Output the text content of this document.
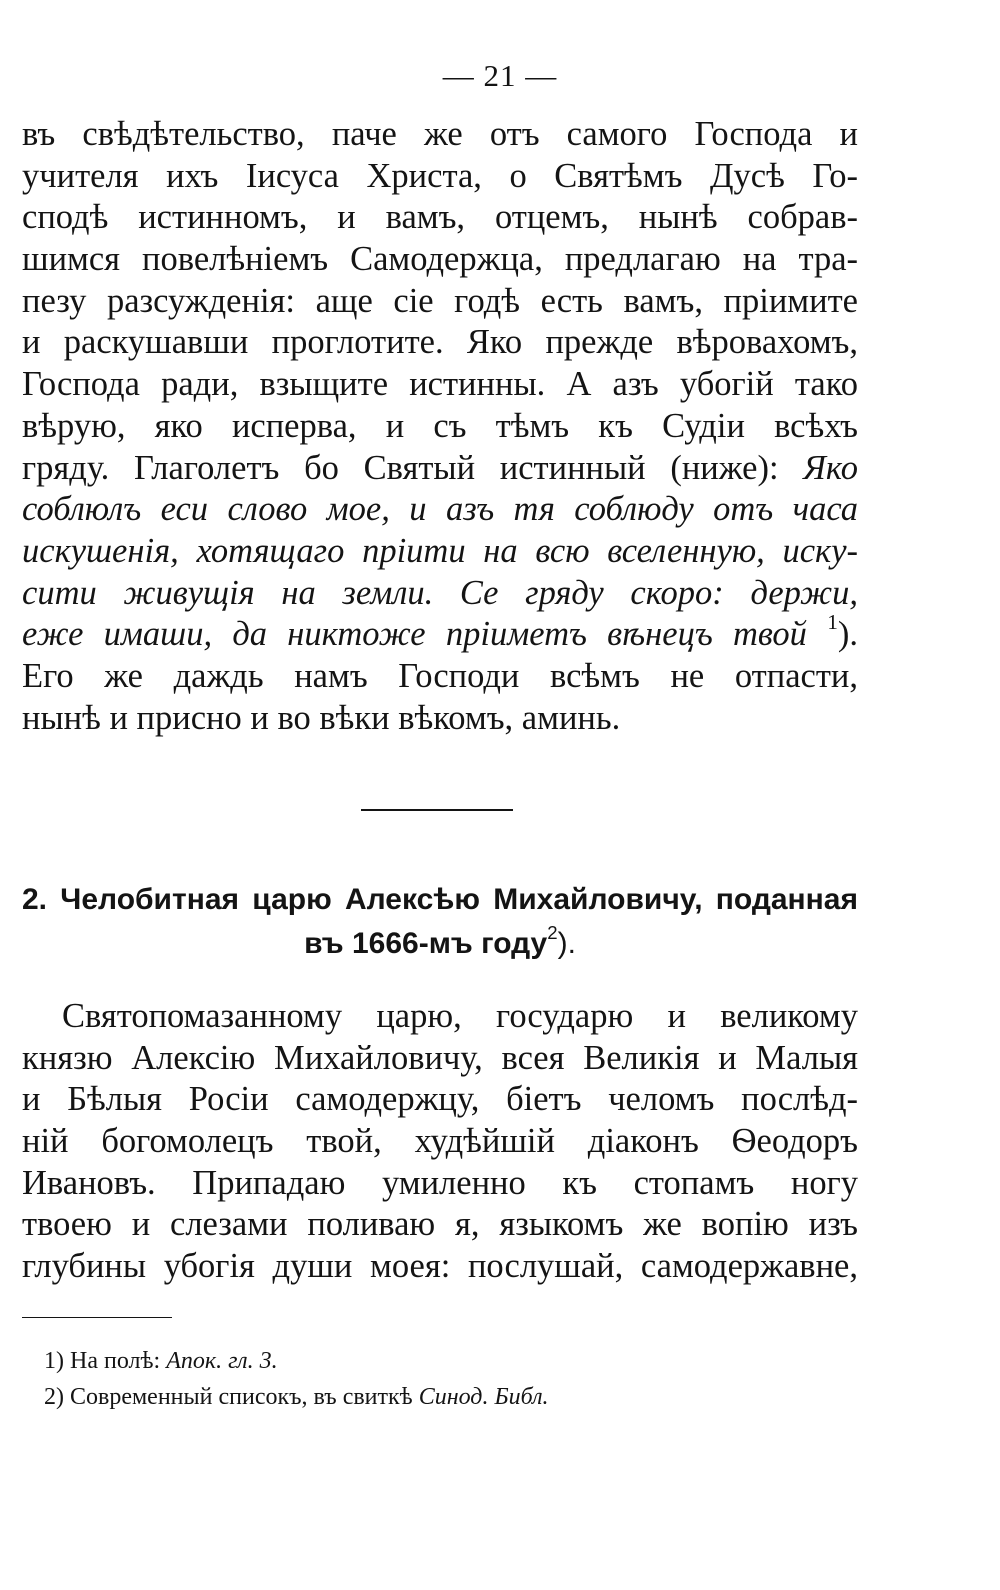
— 21 —
въ свѣдѣтельство, паче же отъ самого Господа и
учителя ихъ Іисуса Христа, о Святѣмъ Дусѣ Го-
сподѣ истинномъ, и вамъ, отцемъ, нынѣ собрав-
шимся повелѣніемъ Самодержца, предлагаю на тра-
пезу разсужденія: аще сіе годѣ есть вамъ, пріимите
и раскушавши проглотите. Яко прежде вѣровахомъ,
Господа ради, взыщите истинны. А азъ убогій тако
вѣрую, яко исперва, и съ тѣмъ къ Судіи всѣхъ
гряду. Глаголетъ бо Святый истинный (ниже): Яко
соблюлъ еси слово мое, и азъ тя соблюду отъ часа
искушенія, хотящаго пріити на всю вселенную, иску-
сити живущія на земли. Се гряду скоро: держи,
еже имаши, да никтоже пріиметъ вѣнецъ твой $^1$).
Его же даждь намъ Господи всѣмъ не отпасти,
нынѣ и присно и во вѣки вѣкомъ, аминь.
2. Челобитная царю Алексѣю Михайловичу, поданная
въ 1666-мъ году$^2$).
Святопомазанному царю, государю и великому
князю Алексію Михайловичу, всея Великія и Малыя
и Бѣлыя Росіи самодержцу, біетъ челомъ послѣд-
ній богомолецъ твой, худѣйшій діаконъ Ѳеодоръ
Ивановъ. Припадаю умиленно къ стопамъ ногу
твоею и слезами поливаю я, языкомъ же вопію изъ
глубины убогія души моея: послушай, самодержавне,
1) На полѣ: Апок. гл. 3.
2) Современный списокъ, въ свиткѣ Синод. Библ.
